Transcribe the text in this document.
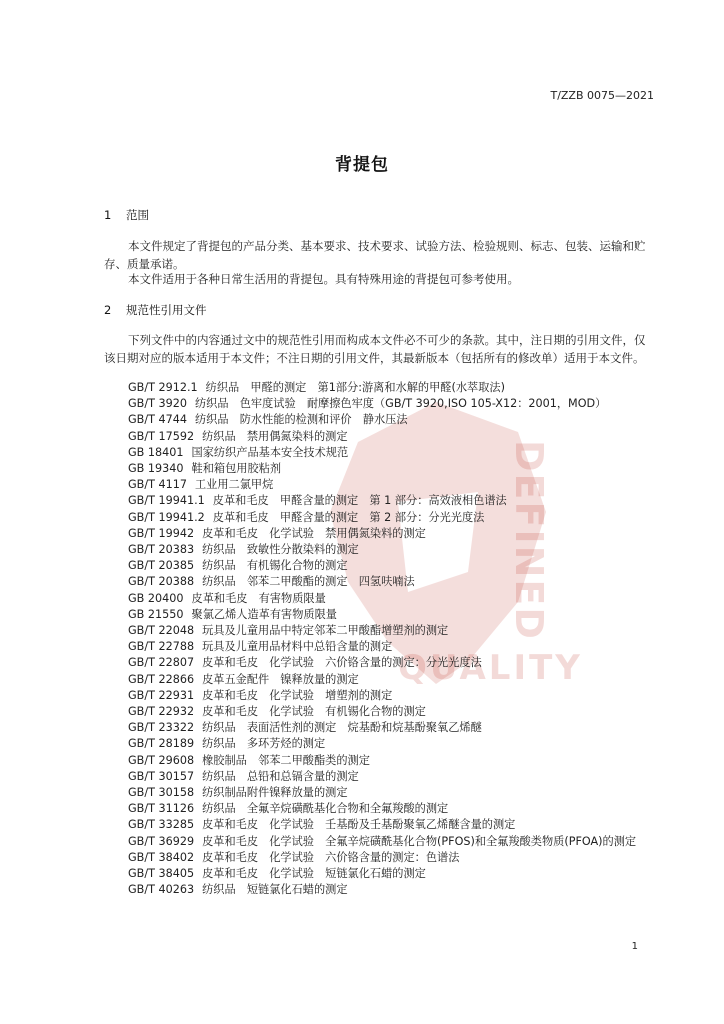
DEFINED
QUALITY
T/ZZB 0075—2021
背提包
1 范围

本文件规定了背提包的产品分类、基本要求、技术要求、试验方法、检验规则、标志、包装、运输和贮存、质量承诺。

本文件适用于各种日常生活用的背提包。具有特殊用途的背提包可参考使用。

2 规范性引用文件

下列文件中的内容通过文中的规范性引用而构成本文件必不可少的条款。其中，注日期的引用文件，仅该日期对应的版本适用于本文件；不注日期的引用文件，其最新版本（包括所有的修改单）适用于本文件。

GB/T 2912.1 纺织品　甲醛的测定　第1部分:游离和水解的甲醛(水萃取法)
GB/T 3920 纺织品　色牢度试验　耐摩擦色牢度（GB/T 3920,ISO 105-X12：2001，MOD）
GB/T 4744 纺织品　防水性能的检测和评价　静水压法
GB/T 17592 纺织品　禁用偶氮染料的测定
GB 18401 国家纺织产品基本安全技术规范
GB 19340 鞋和箱包用胶粘剂
GB/T 4117 工业用二氯甲烷
GB/T 19941.1 皮革和毛皮　甲醛含量的测定　第 1 部分：高效液相色谱法
GB/T 19941.2 皮革和毛皮　甲醛含量的测定　第 2 部分：分光光度法
GB/T 19942 皮革和毛皮　化学试验　禁用偶氮染料的测定
GB/T 20383 纺织品　致敏性分散染料的测定
GB/T 20385 纺织品　有机锡化合物的测定
GB/T 20388 纺织品　邻苯二甲酸酯的测定　四氢呋喃法
GB 20400 皮革和毛皮　有害物质限量
GB 21550 聚氯乙烯人造革有害物质限量
GB/T 22048 玩具及儿童用品中特定邻苯二甲酸酯增塑剂的测定
GB/T 22788 玩具及儿童用品材料中总铅含量的测定
GB/T 22807 皮革和毛皮　化学试验　六价铬含量的测定：分光光度法
GB/T 22866 皮革五金配件　镍释放量的测定
GB/T 22931 皮革和毛皮　化学试验　增塑剂的测定
GB/T 22932 皮革和毛皮　化学试验　有机锡化合物的测定
GB/T 23322 纺织品　表面活性剂的测定　烷基酚和烷基酚聚氧乙烯醚
GB/T 28189 纺织品　多环芳烃的测定
GB/T 29608 橡胶制品　邻苯二甲酸酯类的测定
GB/T 30157 纺织品　总铅和总镉含量的测定
GB/T 30158 纺织制品附件镍释放量的测定
GB/T 31126 纺织品　全氟辛烷磺酰基化合物和全氟羧酸的测定
GB/T 33285 皮革和毛皮　化学试验　壬基酚及壬基酚聚氧乙烯醚含量的测定
GB/T 36929 皮革和毛皮　化学试验　全氟辛烷磺酰基化合物(PFOS)和全氟羧酸类物质(PFOA)的测定
GB/T 38402 皮革和毛皮　化学试验　六价铬含量的测定：色谱法
GB/T 38405 皮革和毛皮　化学试验　短链氯化石蜡的测定
GB/T 40263 纺织品　短链氯化石蜡的测定
1
